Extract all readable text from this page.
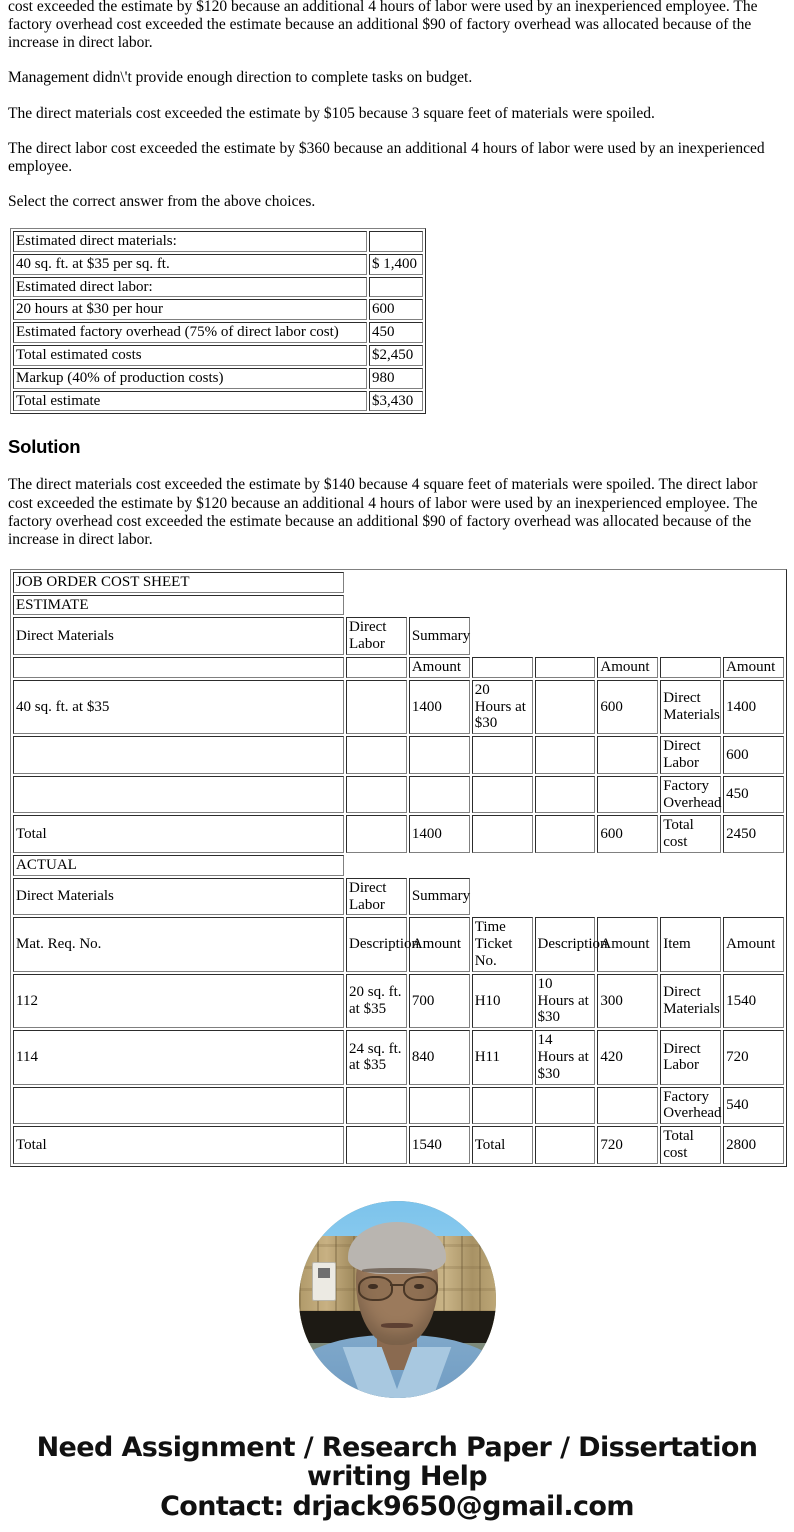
cost exceeded the estimate by $120 because an additional 4 hours of labor were used by an inexperienced employee. The factory overhead cost exceeded the estimate because an additional $90 of factory overhead was allocated because of the increase in direct labor.

Management didn\'t provide enough direction to complete tasks on budget.

The direct materials cost exceeded the estimate by $105 because 3 square feet of materials were spoiled.

The direct labor cost exceeded the estimate by $360 because an additional 4 hours of labor were used by an inexperienced employee.

Select the correct answer from the above choices.

Estimated direct materials:	
40 sq. ft. at $35 per sq. ft.	$ 1,400
Estimated direct labor:	
20 hours at $30 per hour	600
Estimated factory overhead (75% of direct labor cost)	450
Total estimated costs	$2,450
Markup (40% of production costs)	980
Total estimate	$3,430
Solution

The direct materials cost exceeded the estimate by $140 because 4 square feet of materials were spoiled. The direct labor cost exceeded the estimate by $120 because an additional 4 hours of labor were used by an inexperienced employee. The factory overhead cost exceeded the estimate because an additional $90 of factory overhead was allocated because of the increase in direct labor.

JOB ORDER COST SHEET							
ESTIMATE							
Direct Materials	Direct Labor	Summary					
		Amount			Amount		Amount
40 sq. ft. at $35		1400	20 Hours at $30		600	Direct Materials	1400
						Direct Labor	600
						Factory Overhead	450
Total		1400			600	Total cost	2450
ACTUAL							
Direct Materials	Direct Labor	Summary					
Mat. Req. No.	Description	Amount	Time Ticket No.	Description	Amount	Item	Amount
112	20 sq. ft. at $35	700	H10	10 Hours at $30	300	Direct Materials	1540
114	24 sq. ft. at $35	840	H11	14 Hours at $30	420	Direct Labor	720
						Factory Overhead	540
Total		1540	Total		720	Total cost	2800
Need Assignment / Research Paper / Dissertation
writing Help
Contact: drjack9650@gmail.com
